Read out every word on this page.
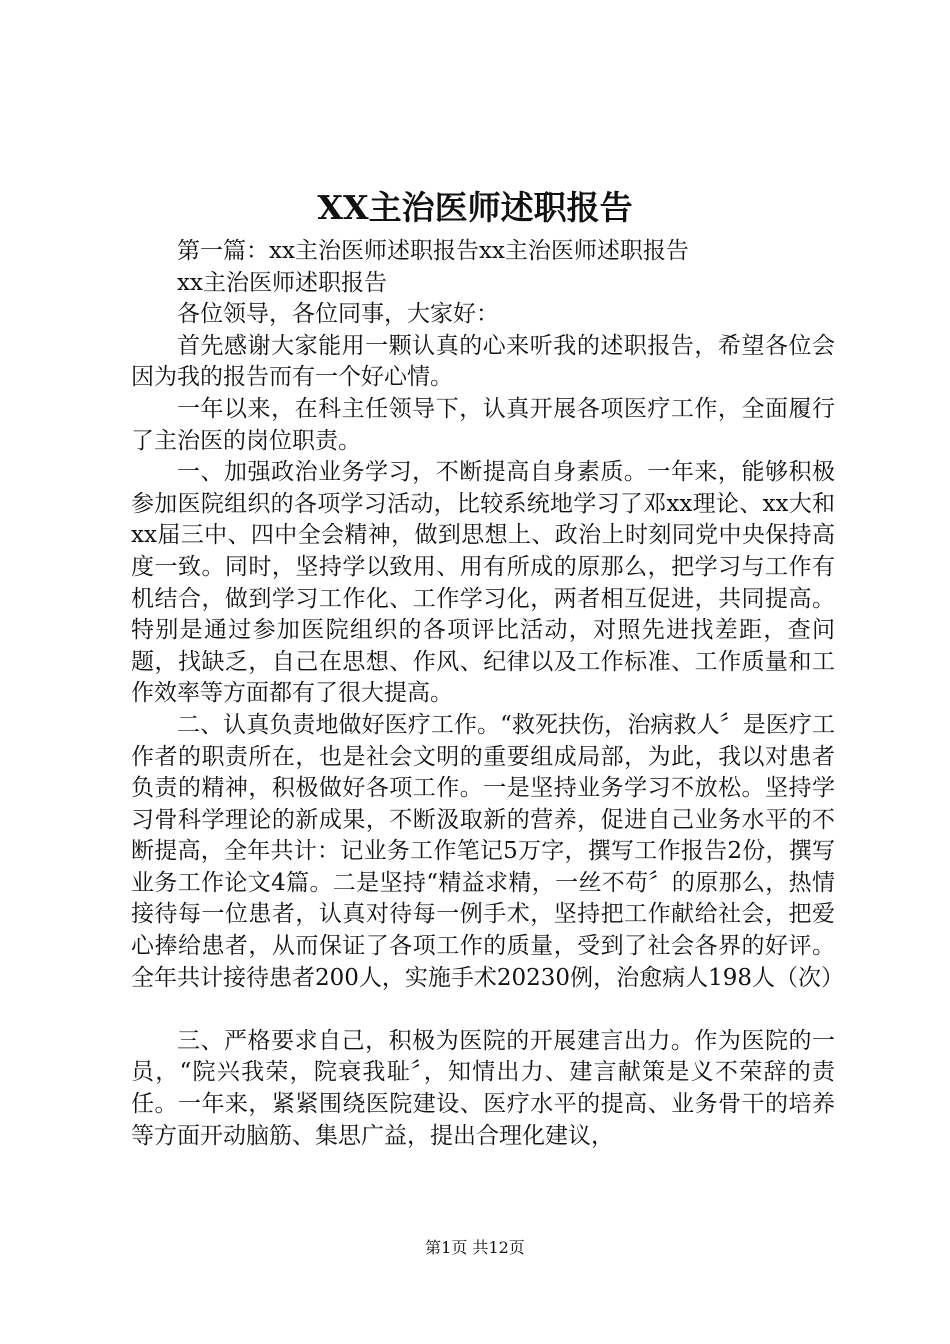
XX主治医师述职报告

第一篇：xx主治医师述职报告xx主治医师述职报告

xx主治医师述职报告

各位领导，各位同事，大家好：

首先感谢大家能用一颗认真的心来听我的述职报告，希望各位会因为我的报告而有一个好心情。

一年以来，在科主任领导下，认真开展各项医疗工作，全面履行了主治医的岗位职责。

一、加强政治业务学习，不断提高自身素质。一年来，能够积极参加医院组织的各项学习活动，比较系统地学习了邓xx理论、xx大和xx届三中、四中全会精神，做到思想上、政治上时刻同党中央保持高度一致。同时，坚持学以致用、用有所成的原那么，把学习与工作有机结合，做到学习工作化、工作学习化，两者相互促进，共同提高。特别是通过参加医院组织的各项评比活动，对照先进找差距，查问题，找缺乏，自己在思想、作风、纪律以及工作标准、工作质量和工作效率等方面都有了很大提高。

二、认真负责地做好医疗工作。“救死扶伤，治病救人〞是医疗工作者的职责所在，也是社会文明的重要组成局部，为此，我以对患者负责的精神，积极做好各项工作。一是坚持业务学习不放松。坚持学习骨科学理论的新成果，不断汲取新的营养，促进自己业务水平的不断提高，全年共计：记业务工作笔记5万字，撰写工作报告2份，撰写业务工作论文4篇。二是坚持“精益求精，一丝不苟〞的原那么，热情接待每一位患者，认真对待每一例手术，坚持把工作献给社会，把爱心捧给患者，从而保证了各项工作的质量，受到了社会各界的好评。全年共计接待患者200人，实施手术20230例，治愈病人198人（次）

三、严格要求自己，积极为医院的开展建言出力。作为医院的一员，“院兴我荣，院衰我耻〞，知情出力、建言献策是义不荣辞的责任。一年来，紧紧围绕医院建设、医疗水平的提高、业务骨干的培养等方面开动脑筋、集思广益，提出合理化建议，

第1页 共12页
